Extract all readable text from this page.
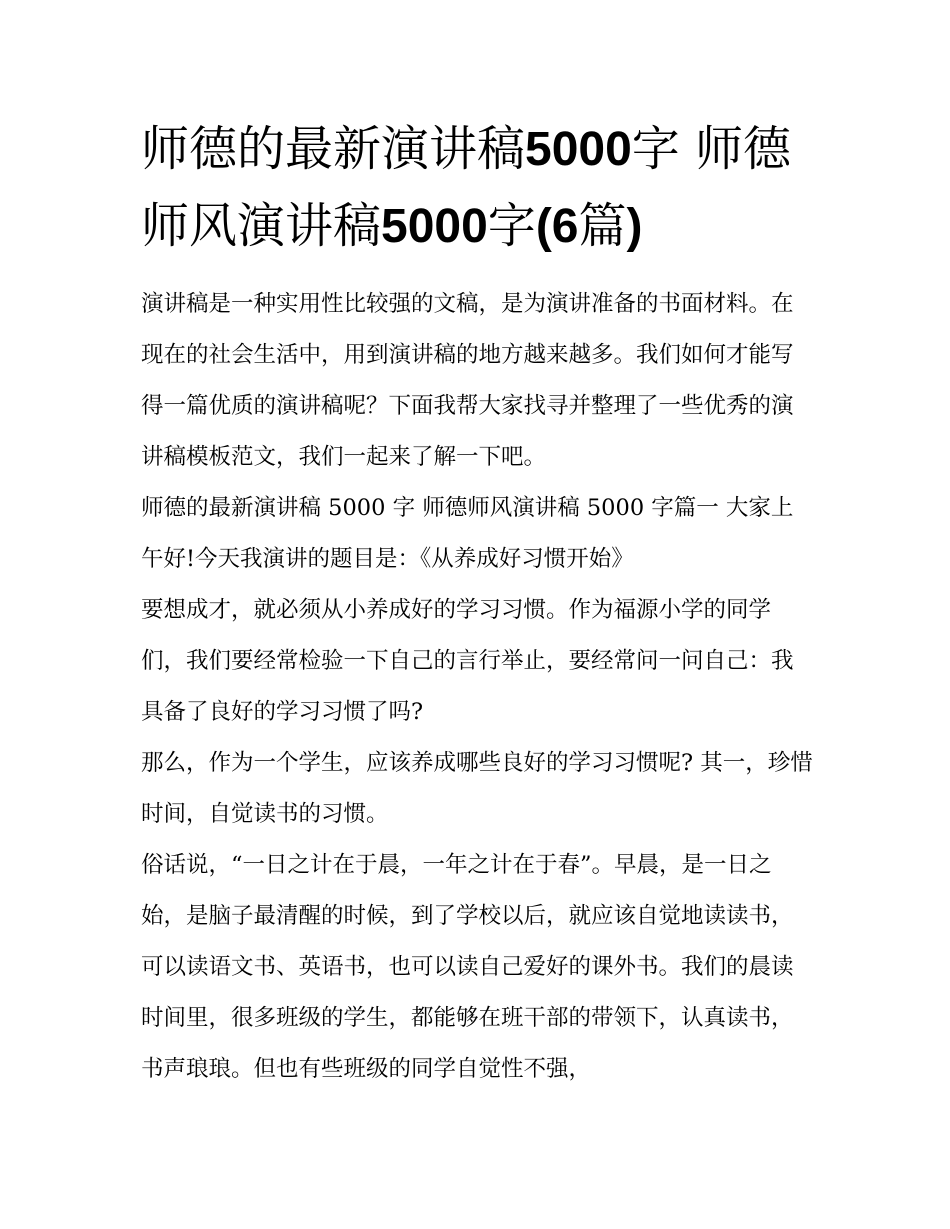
师德的最新演讲稿5000字 师德师风演讲稿5000字(6篇)

演讲稿是一种实用性比较强的文稿，是为演讲准备的书面材料。在现在的社会生活中，用到演讲稿的地方越来越多。我们如何才能写得一篇优质的演讲稿呢？下面我帮大家找寻并整理了一些优秀的演讲稿模板范文，我们一起来了解一下吧。

师德的最新演讲稿 5000 字 师德师风演讲稿 5000 字篇一 大家上午好!今天我演讲的题目是：《从养成好习惯开始》

要想成才，就必须从小养成好的学习习惯。作为福源小学的同学们，我们要经常检验一下自己的言行举止，要经常问一问自己：我具备了良好的学习习惯了吗?

那么，作为一个学生，应该养成哪些良好的学习习惯呢? 其一，珍惜时间，自觉读书的习惯。

俗话说，“一日之计在于晨，一年之计在于春”。早晨，是一日之始，是脑子最清醒的时候，到了学校以后，就应该自觉地读读书，可以读语文书、英语书，也可以读自己爱好的课外书。我们的晨读时间里，很多班级的学生，都能够在班干部的带领下，认真读书，书声琅琅。但也有些班级的同学自觉性不强，
